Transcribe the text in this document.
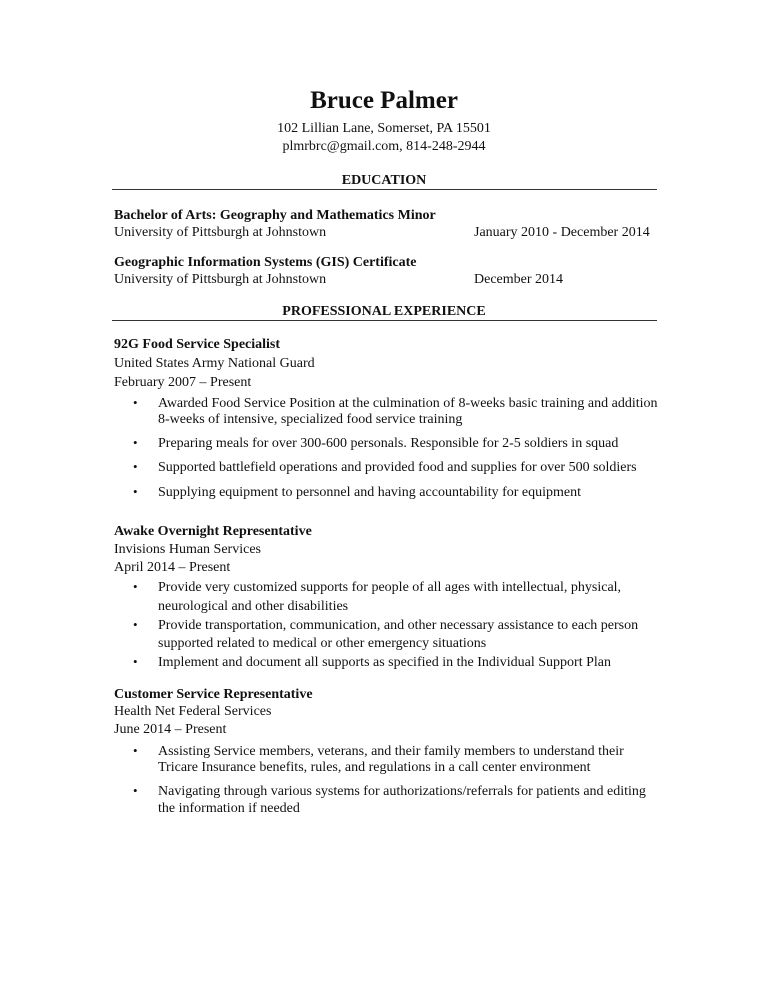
Bruce Palmer
102 Lillian Lane, Somerset, PA 15501
plmrbrc@gmail.com, 814-248-2944
EDUCATION
Bachelor of Arts: Geography and Mathematics Minor
University of Pittsburgh at Johnstown	January 2010 - December 2014
Geographic Information Systems (GIS) Certificate
University of Pittsburgh at Johnstown	December 2014
PROFESSIONAL EXPERIENCE
92G Food Service Specialist
United States Army National Guard
February 2007 – Present
• Awarded Food Service Position at the culmination of 8-weeks basic training and addition
8-weeks of intensive, specialized food service training
• Preparing meals for over 300-600 personals. Responsible for 2-5 soldiers in squad
• Supported battlefield operations and provided food and supplies for over 500 soldiers
• Supplying equipment to personnel and having accountability for equipment
Awake Overnight Representative
Invisions Human Services
April 2014 – Present
• Provide very customized supports for people of all ages with intellectual, physical,
neurological and other disabilities
• Provide transportation, communication, and other necessary assistance to each person
supported related to medical or other emergency situations
• Implement and document all supports as specified in the Individual Support Plan
Customer Service Representative
Health Net Federal Services
June 2014 – Present
• Assisting Service members, veterans, and their family members to understand their
Tricare Insurance benefits, rules, and regulations in a call center environment
• Navigating through various systems for authorizations/referrals for patients and editing
the information if needed
